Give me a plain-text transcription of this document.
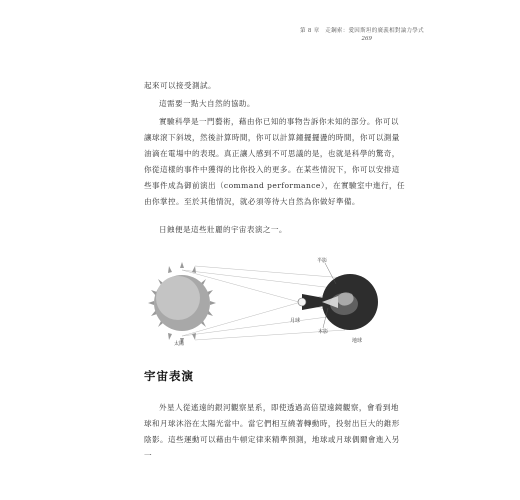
第 8 章　走鋼索：愛因斯坦的廣義相對論力學式
269
起來可以接受測試。
這需要一點大自然的協助。
實驗科學是一門藝術，藉由你已知的事物告訴你未知的部分。你可以讓球滾下斜坡，然後計算時間，你可以計算鐘擺擺盪的時間，你可以測量油滴在電場中的表現。真正讓人感到不可思議的是，也就是科學的驚奇，你從這樣的事件中獲得的比你投入的更多。在某些情況下，你可以安排這些事件成為御前演出（command performance），在實驗室中進行，任由你掌控。至於其他情況，就必須等待大自然為你做好準備。
日蝕便是這些壯麗的宇宙表演之一。
半影
月球
本影
地球
太陽
宇宙表演
外星人從遙遠的銀河觀察星系，即使透過高倍望遠鏡觀察，會看到地球和月球沐浴在太陽光當中。當它們相互繞著轉動時，投射出巨大的錐形陰影。這些運動可以藉由牛頓定律來精準預測，地球或月球偶爾會進入另一
